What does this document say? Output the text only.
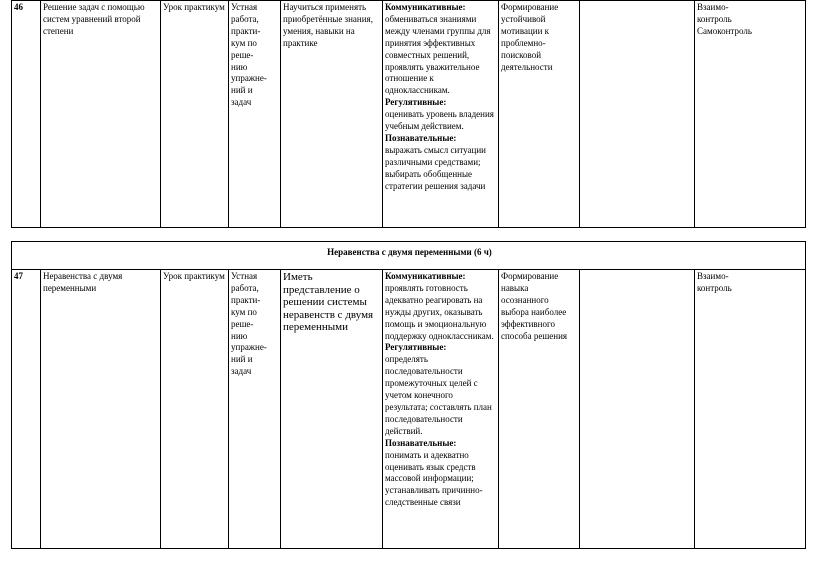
46	Решение задач с помощью систем уравнений второй степени
Урок практикум Устная работа,
практи-
кум по
реше-
нию
упражне-
ний и
задач
Научиться применять приобретённые знания, умения, навыки на практике
Коммуникативные:
обмениваться знаниями между членами группы для принятия эффективных совместных решений, проявлять уважительное отношение к одноклассникам.
Регулятивные:
оценивать уровень владения учебным действием.
Познавательные:
выражать смысл ситуации различными средствами; выбирать обобщенные стратегии решения задачи
Формирование устойчивой мотивации к проблемно-поисковой деятельности
Взаимо-
контроль
Самоконтроль
Неравенства с двумя переменными (6 ч)
47	Неравенства с двумя переменными
Урок практикум Устная работа,
практи-
кум по
реше-
нию
упражне-
ний и
задач
Иметь представление о решении системы неравенств с двумя переменными
Коммуникативные:
проявлять готовность адекватно реагировать на нужды других, оказывать помощь и эмоциональную поддержку одноклассникам.
Регулятивные:
определять последовательности промежуточных целей с учетом конечного результата; составлять план последовательности действий.
Познавательные:
понимать и адекватно оценивать язык средств массовой информации; устанавливать причинно-следственные связи
Формирование навыка осознанного выбора наиболее эффективного способа решения
Взаимо-
контроль
